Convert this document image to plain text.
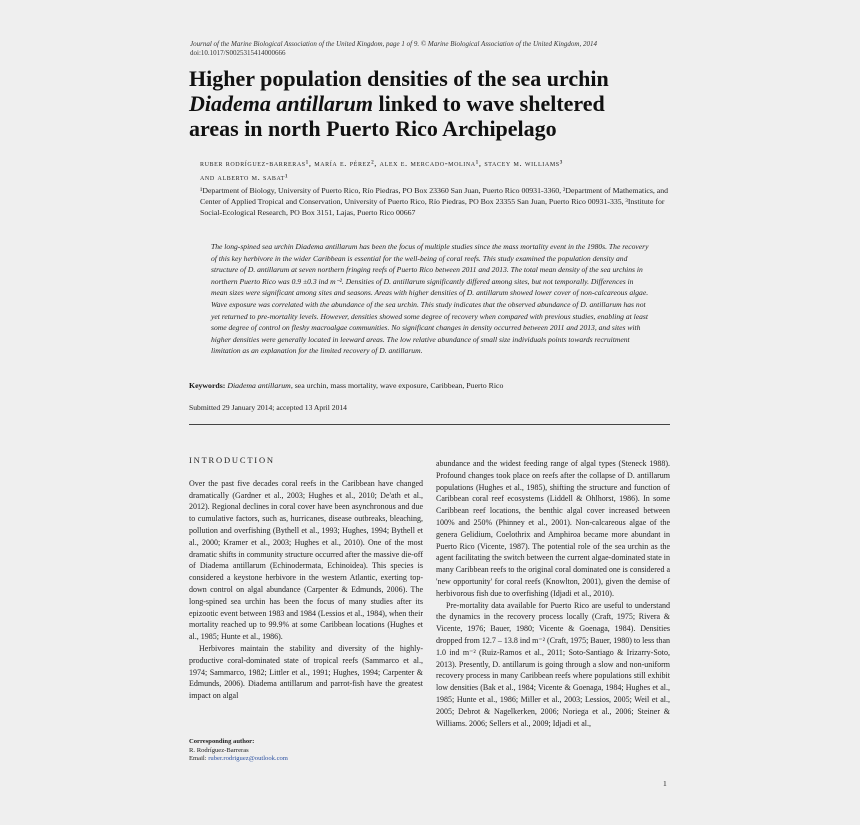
Journal of the Marine Biological Association of the United Kingdom, page 1 of 9. © Marine Biological Association of the United Kingdom, 2014
doi:10.1017/S0025315414000666
Higher population densities of the sea urchin
Diadema antillarum linked to wave sheltered
areas in north Puerto Rico Archipelago
ruber rodríguez-barreras¹, maría e. pérez², alex e. mercado-molina¹, stacey m. williams³
and alberto m. sabat¹
¹Department of Biology, University of Puerto Rico, Río Piedras, PO Box 23360 San Juan, Puerto Rico 00931-3360, ²Department of Mathematics, and Center of Applied Tropical and Conservation, University of Puerto Rico, Río Piedras, PO Box 23355 San Juan, Puerto Rico 00931-335, ³Institute for Social-Ecological Research, PO Box 3151, Lajas, Puerto Rico 00667

The long-spined sea urchin Diadema antillarum has been the focus of multiple studies since the mass mortality event in the 1980s. The recovery of this key herbivore in the wider Caribbean is essential for the well-being of coral reefs. This study examined the population density and structure of D. antillarum at seven northern fringing reefs of Puerto Rico between 2011 and 2013. The total mean density of the sea urchins in northern Puerto Rico was 0.9 ±0.3 ind m⁻². Densities of D. antillarum significantly differed among sites, but not temporally. Differences in mean sizes were significant among sites and seasons. Areas with higher densities of D. antillarum showed lower cover of non-calcareous algae. Wave exposure was correlated with the abundance of the sea urchin. This study indicates that the observed abundance of D. antillarum has not yet returned to pre-mortality levels. However, densities showed some degree of recovery when compared with previous studies, enabling at least some degree of control on fleshy macroalgae communities. No significant changes in density occurred between 2011 and 2013, and sites with higher densities were generally located in leeward areas. The low relative abundance of small size individuals points towards recruitment limitation as an explanation for the limited recovery of D. antillarum.

Keywords: Diadema antillarum, sea urchin, mass mortality, wave exposure, Caribbean, Puerto Rico
Submitted 29 January 2014; accepted 13 April 2014
INTRODUCTION

Over the past five decades coral reefs in the Caribbean have changed dramatically (Gardner et al., 2003; Hughes et al., 2010; De'ath et al., 2012). Regional declines in coral cover have been asynchronous and due to cumulative factors, such as, hurricanes, disease outbreaks, bleaching, pollution and overfishing (Bythell et al., 1993; Hughes, 1994; Bythell et al., 2000; Kramer et al., 2003; Hughes et al., 2010). One of the most dramatic shifts in community structure occurred after the massive die-off of Diadema antillarum (Echinodermata, Echinoidea). This species is considered a keystone herbivore in the western Atlantic, exerting top-down control on algal abundance (Carpenter & Edmunds, 2006). The long-spined sea urchin has been the focus of many studies after its epizootic event between 1983 and 1984 (Lessios et al., 1984), when their mortality reached up to 99.9% at some Caribbean locations (Hughes et al., 1985; Hunte et al., 1986).

Herbivores maintain the stability and diversity of the highly-productive coral-dominated state of tropical reefs (Sammarco et al., 1974; Sammarco, 1982; Littler et al., 1991; Hughes, 1994; Carpenter & Edmunds, 2006). Diadema antillarum and parrot-fish have the greatest impact on algal

abundance and the widest feeding range of algal types (Steneck 1988). Profound changes took place on reefs after the collapse of D. antillarum populations (Hughes et al., 1985), shifting the structure and function of Caribbean coral reef ecosystems (Liddell & Ohlhorst, 1986). In some Caribbean reef locations, the benthic algal cover increased between 100% and 250% (Phinney et al., 2001). Non-calcareous algae of the genera Gelidium, Coelothrix and Amphiroa became more abundant in Puerto Rico (Vicente, 1987). The potential role of the sea urchin as the agent facilitating the switch between the current algae-dominated state in many Caribbean reefs to the original coral dominated one is considered a 'new opportunity' for coral reefs (Knowlton, 2001), given the demise of herbivorous fish due to overfishing (Idjadi et al., 2010).

Pre-mortality data available for Puerto Rico are useful to understand the dynamics in the recovery process locally (Craft, 1975; Rivera & Vicente, 1976; Bauer, 1980; Vicente & Goenaga, 1984). Densities dropped from 12.7 – 13.8 ind m⁻² (Craft, 1975; Bauer, 1980) to less than 1.0 ind m⁻² (Ruiz-Ramos et al., 2011; Soto-Santiago & Irizarry-Soto, 2013). Presently, D. antillarum is going through a slow and non-uniform recovery process in many Caribbean reefs where populations still exhibit low densities (Bak et al., 1984; Vicente & Goenaga, 1984; Hughes et al., 1985; Hunte et al., 1986; Miller et al., 2003; Lessios, 2005; Weil et al., 2005; Debrot & Nagelkerken, 2006; Noriega et al., 2006; Steiner & Williams. 2006; Sellers et al., 2009; Idjadi et al.,

Corresponding author:
R. Rodríguez-Barreras
Email: ruber.rodriguez@outlook.com
1
